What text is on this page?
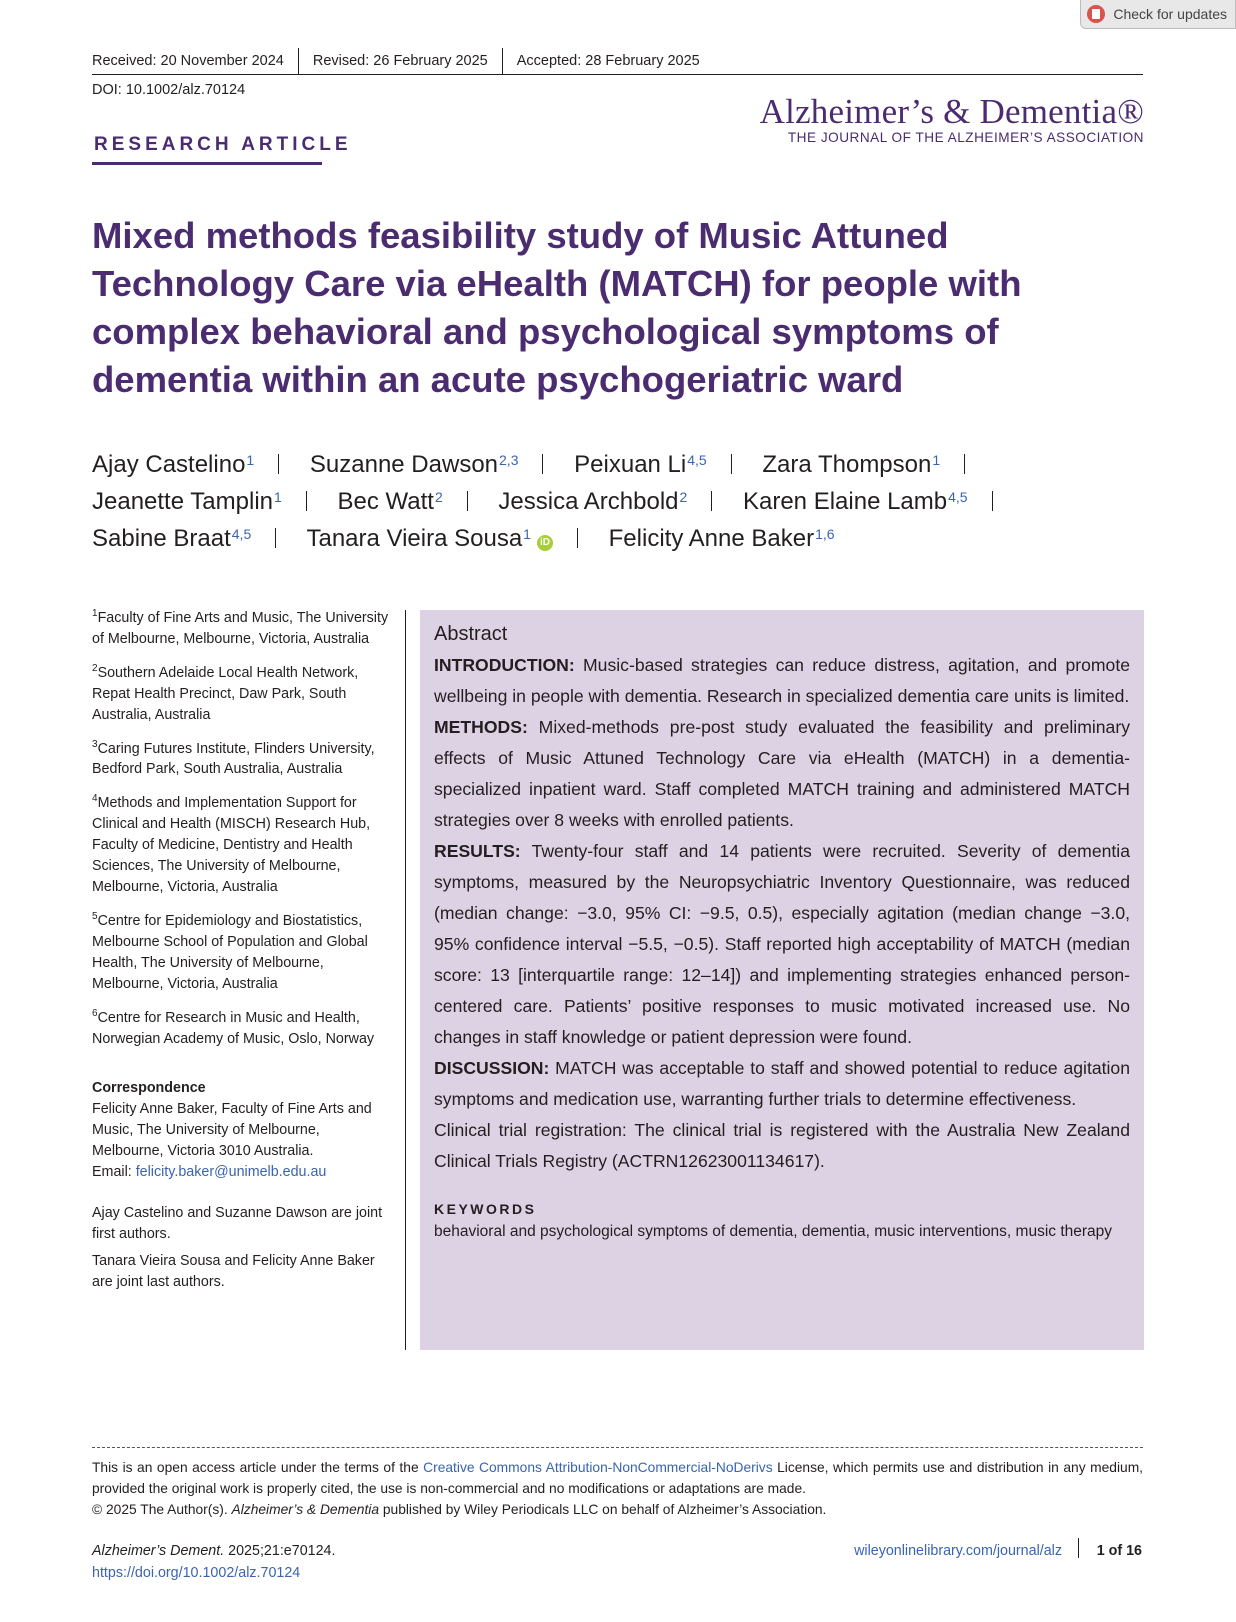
Check for updates
Received: 20 November 2024	Revised: 26 February 2025	Accepted: 28 February 2025
DOI: 10.1002/alz.70124
Alzheimer’s & Dementia®
THE JOURNAL OF THE ALZHEIMER’S ASSOCIATION
RESEARCH ARTICLE
Mixed methods feasibility study of Music Attuned Technology Care via eHealth (MATCH) for people with complex behavioral and psychological symptoms of dementia within an acute psychogeriatric ward
Ajay Castelino$^1$ Suzanne Dawson$^{2,3}$ Peixuan Li$^{4,5}$ Zara Thompson$^1$
Jeanette Tamplin$^1$ Bec Watt$^2$ Jessica Archbold$^2$ Karen Elaine Lamb$^{4,5}$
Sabine Braat$^{4,5}$ Tanara Vieira Sousa$^1$iD Felicity Anne Baker$^{1,6}$
$^1$Faculty of Fine Arts and Music, The University of Melbourne, Melbourne, Victoria, Australia
$^2$Southern Adelaide Local Health Network, Repat Health Precinct, Daw Park, South Australia, Australia
$^3$Caring Futures Institute, Flinders University, Bedford Park, South Australia, Australia
$^4$Methods and Implementation Support for Clinical and Health (MISCH) Research Hub, Faculty of Medicine, Dentistry and Health Sciences, The University of Melbourne, Melbourne, Victoria, Australia
$^5$Centre for Epidemiology and Biostatistics, Melbourne School of Population and Global Health, The University of Melbourne, Melbourne, Victoria, Australia
$^6$Centre for Research in Music and Health, Norwegian Academy of Music, Oslo, Norway
Correspondence
Felicity Anne Baker, Faculty of Fine Arts and Music, The University of Melbourne, Melbourne, Victoria 3010 Australia.
Email: felicity.baker@unimelb.edu.au
Ajay Castelino and Suzanne Dawson are joint first authors.
Tanara Vieira Sousa and Felicity Anne Baker are joint last authors.
Abstract

INTRODUCTION: Music-based strategies can reduce distress, agitation, and promote wellbeing in people with dementia. Research in specialized dementia care units is limited.

METHODS: Mixed-methods pre-post study evaluated the feasibility and preliminary effects of Music Attuned Technology Care via eHealth (MATCH) in a dementia-specialized inpatient ward. Staff completed MATCH training and administered MATCH strategies over 8 weeks with enrolled patients.

RESULTS: Twenty-four staff and 14 patients were recruited. Severity of dementia symptoms, measured by the Neuropsychiatric Inventory Questionnaire, was reduced (median change: −3.0, 95% CI: −9.5, 0.5), especially agitation (median change −3.0, 95% confidence interval −5.5, −0.5). Staff reported high acceptability of MATCH (median score: 13 [interquartile range: 12–14]) and implementing strategies enhanced person-centered care. Patients’ positive responses to music motivated increased use. No changes in staff knowledge or patient depression were found.

DISCUSSION: MATCH was acceptable to staff and showed potential to reduce agitation symptoms and medication use, warranting further trials to determine effectiveness.

Clinical trial registration: The clinical trial is registered with the Australia New Zealand Clinical Trials Registry (ACTRN12623001134617).

KEYWORDS
behavioral and psychological symptoms of dementia, dementia, music interventions, music therapy
This is an open access article under the terms of the Creative Commons Attribution-NonCommercial-NoDerivs License, which permits use and distribution in any medium, provided the original work is properly cited, the use is non-commercial and no modifications or adaptations are made.
© 2025 The Author(s). Alzheimer’s & Dementia published by Wiley Periodicals LLC on behalf of Alzheimer’s Association.
Alzheimer’s Dement. 2025;21:e70124.
https://doi.org/10.1002/alz.70124
wileyonlinelibrary.com/journal/alz 1 of 16
